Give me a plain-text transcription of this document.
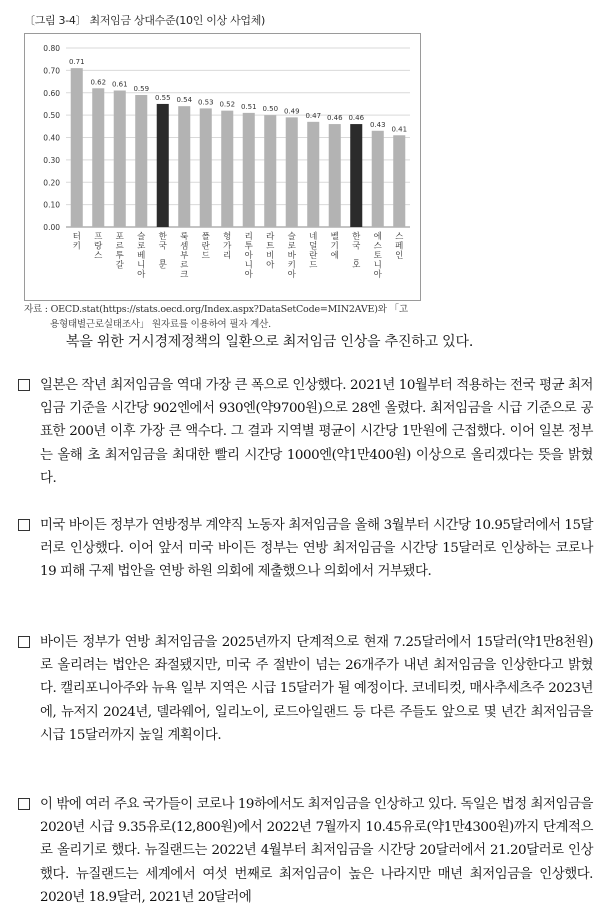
〔그림 3-4〕 최저임금 상대수준(10인 이상 사업체)
0.00
0.10
0.20
0.30
0.40
0.50
0.60
0.70
0.80
0.71
터 키
0.62
프 랑 스
0.61
포 르 투 갈
0.59
슬 로 베 니 아
0.55
한 국 _ 분
0.54
룩 셈 부 르 크
0.53
폴 란 드
0.52
헝 가 리
0.51
리 투 아 니 아
0.50
라 트 비 아
0.49
슬 로 바 키 아
0.47
네 덜 란 드
0.46
벨 기 에
0.46
한 국 _ 오
0.43
에 스 토 니 아
0.41
스 페 인
자료 : OECD.stat(https://stats.oecd.org/Index.aspx?DataSetCode=MIN2AVE)와 「고
용형태별근로실태조사」 원자료를 이용하여 필자 계산.
복을 위한 거시경제정책의 일환으로 최저임금 인상을 추진하고 있다.
일본은 작년 최저임금을 역대 가장 큰 폭으로 인상했다. 2021년 10월부터 적용하는 전국 평균 최저임금 기준을 시간당 902엔에서 930엔(약9700원)으로 28엔 올렸다. 최저임금을 시급 기준으로 공표한 200년 이후 가장 큰 액수다. 그 결과 지역별 평균이 시간당 1만원에 근접했다. 이어 일본 정부는 올해 초 최저임금을 최대한 빨리 시간당 1000엔(약1만400원) 이상으로 올리겠다는 뜻을 밝혔다.
미국 바이든 정부가 연방정부 계약직 노동자 최저임금을 올해 3월부터 시간당 10.95달러에서 15달러로 인상했다. 이어 앞서 미국 바이든 정부는 연방 최저임금을 시간당 15달러로 인상하는 코로나19 피해 구제 법안을 연방 하원 의회에 제출했으나 의회에서 거부됐다.
바이든 정부가 연방 최저임금을 2025년까지 단계적으로 현재 7.25달러에서 15달러(약1만8천원)로 올리려는 법안은 좌절됐지만, 미국 주 절반이 넘는 26개주가 내년 최저임금을 인상한다고 밝혔다. 캘리포니아주와 뉴욕 일부 지역은 시급 15달러가 될 예정이다. 코네티컷, 매사추세츠주 2023년에, 뉴저지 2024년, 델라웨어, 일리노이, 로드아일랜드 등 다른 주들도 앞으로 몇 년간 최저임금을 시급 15달러까지 높일 계획이다.
이 밖에 여러 주요 국가들이 코로나 19하에서도 최저임금을 인상하고 있다. 독일은 법정 최저임금을 2020년 시급 9.35유로(12,800원)에서 2022년 7월까지 10.45유로(약1만4300원)까지 단계적으로 올리기로 했다. 뉴질랜드는 2022년 4월부터 최저임금을 시간당 20달러에서 21.20달러로 인상했다. 뉴질랜드는 세계에서 여섯 번째로 최저임금이 높은 나라지만 매년 최저임금을 인상했다. 2020년 18.9달러, 2021년 20달러에
